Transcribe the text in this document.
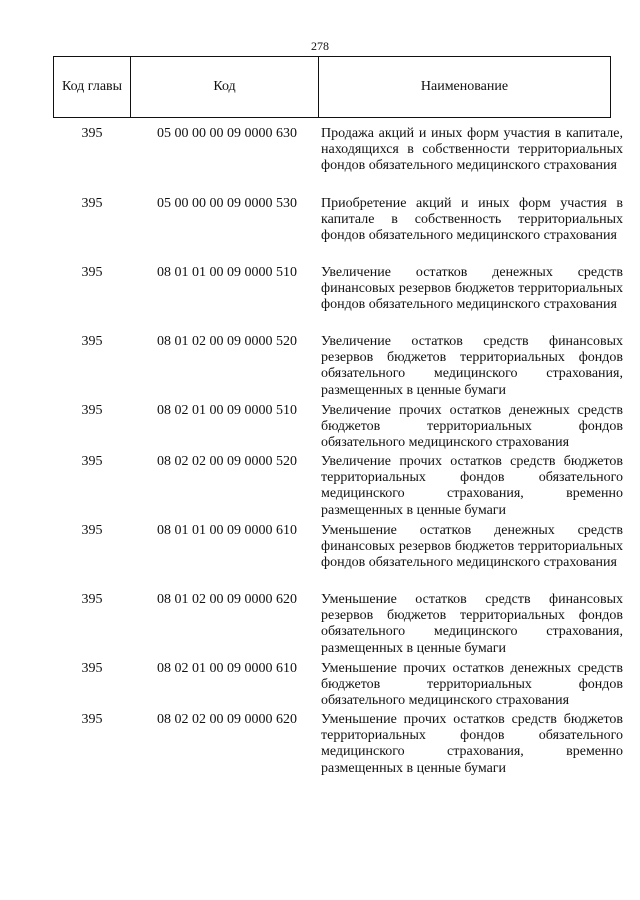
278
Код главы	Код	Наименование
395	05 00 00 00 09 0000 630	Продажа акций и иных форм участия в капитале, находящихся в собственности территориальных фондов обязательного медицинского страхования
395	05 00 00 00 09 0000 530	Приобретение акций и иных форм участия в капитале в собственность территориальных фондов обязательного медицинского страхования
395	08 01 01 00 09 0000 510	Увеличение остатков денежных средств финансовых резервов бюджетов территориальных фондов обязательного медицинского страхования
395	08 01 02 00 09 0000 520	Увеличение остатков средств финансовых резервов бюджетов территориальных фондов обязательного медицинского страхования, размещенных в ценные бумаги
395	08 02 01 00 09 0000 510	Увеличение прочих остатков денежных средств бюджетов территориальных фондов обязательного медицинского страхования
395	08 02 02 00 09 0000 520	Увеличение прочих остатков средств бюджетов территориальных фондов обязательного медицинского страхования, временно размещенных в ценные бумаги
395	08 01 01 00 09 0000 610	Уменьшение остатков денежных средств финансовых резервов бюджетов территориальных фондов обязательного медицинского страхования
395	08 01 02 00 09 0000 620	Уменьшение остатков средств финансовых резервов бюджетов территориальных фондов обязательного медицинского страхования, размещенных в ценные бумаги
395	08 02 01 00 09 0000 610	Уменьшение прочих остатков денежных средств бюджетов территориальных фондов обязательного медицинского страхования
395	08 02 02 00 09 0000 620	Уменьшение прочих остатков средств бюджетов территориальных фондов обязательного медицинского страхования, временно размещенных в ценные бумаги
